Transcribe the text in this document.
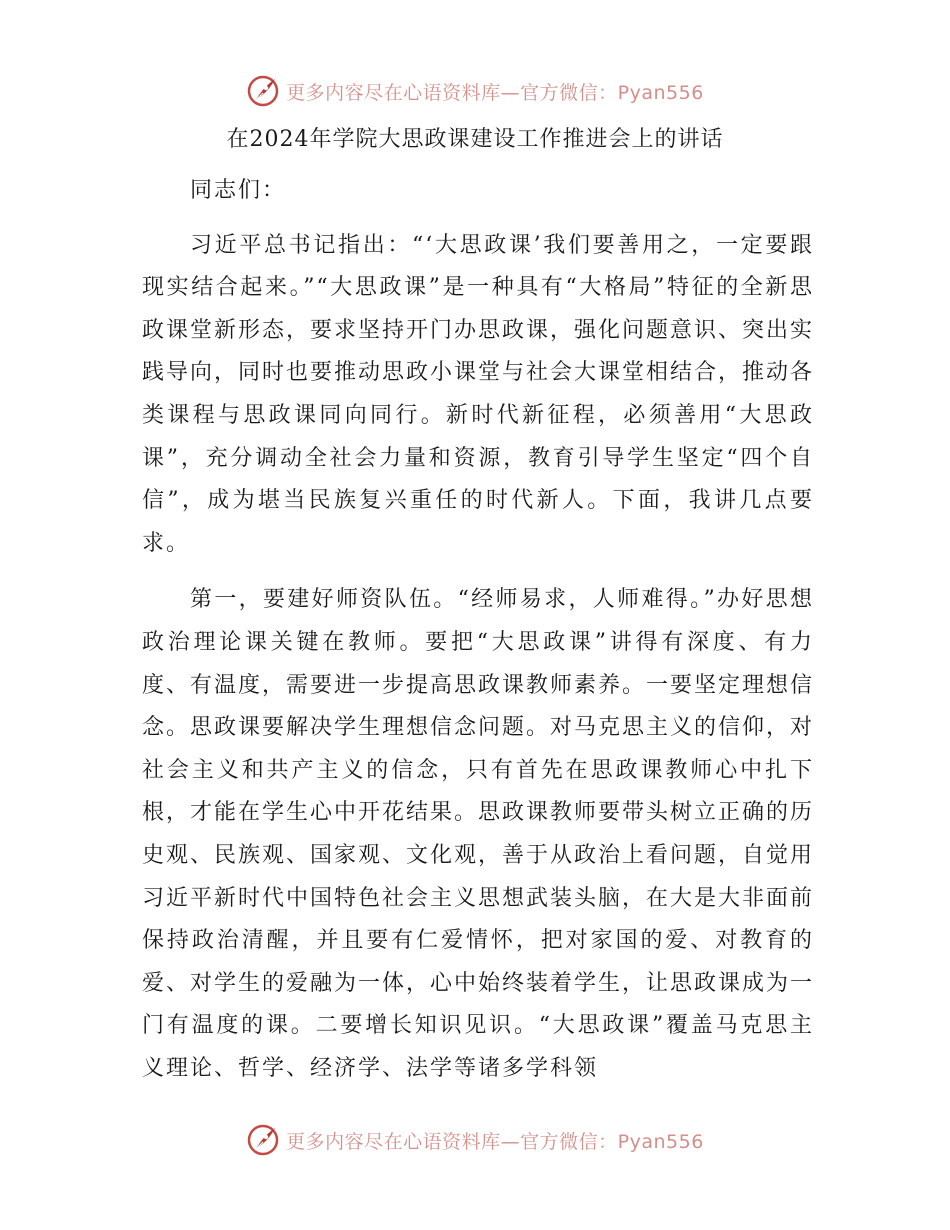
更多内容尽在心语资料库—官方微信：Pyan556
在2024年学院大思政课建设工作推进会上的讲话

同志们：

习近平总书记指出：“‘大思政课’我们要善用之，一定要跟现实结合起来。”“大思政课”是一种具有“大格局”特征的全新思政课堂新形态，要求坚持开门办思政课，强化问题意识、突出实践导向，同时也要推动思政小课堂与社会大课堂相结合，推动各类课程与思政课同向同行。新时代新征程，必须善用“大思政课”，充分调动全社会力量和资源，教育引导学生坚定“四个自信”，成为堪当民族复兴重任的时代新人。下面，我讲几点要求。

第一，要建好师资队伍。“经师易求，人师难得。”办好思想政治理论课关键在教师。要把“大思政课”讲得有深度、有力度、有温度，需要进一步提高思政课教师素养。一要坚定理想信念。思政课要解决学生理想信念问题。对马克思主义的信仰，对社会主义和共产主义的信念，只有首先在思政课教师心中扎下根，才能在学生心中开花结果。思政课教师要带头树立正确的历史观、民族观、国家观、文化观，善于从政治上看问题，自觉用习近平新时代中国特色社会主义思想武装头脑，在大是大非面前保持政治清醒，并且要有仁爱情怀，把对家国的爱、对教育的爱、对学生的爱融为一体，心中始终装着学生，让思政课成为一门有温度的课。二要增长知识见识。“大思政课”覆盖马克思主义理论、哲学、经济学、法学等诸多学科领

更多内容尽在心语资料库—官方微信：Pyan556
